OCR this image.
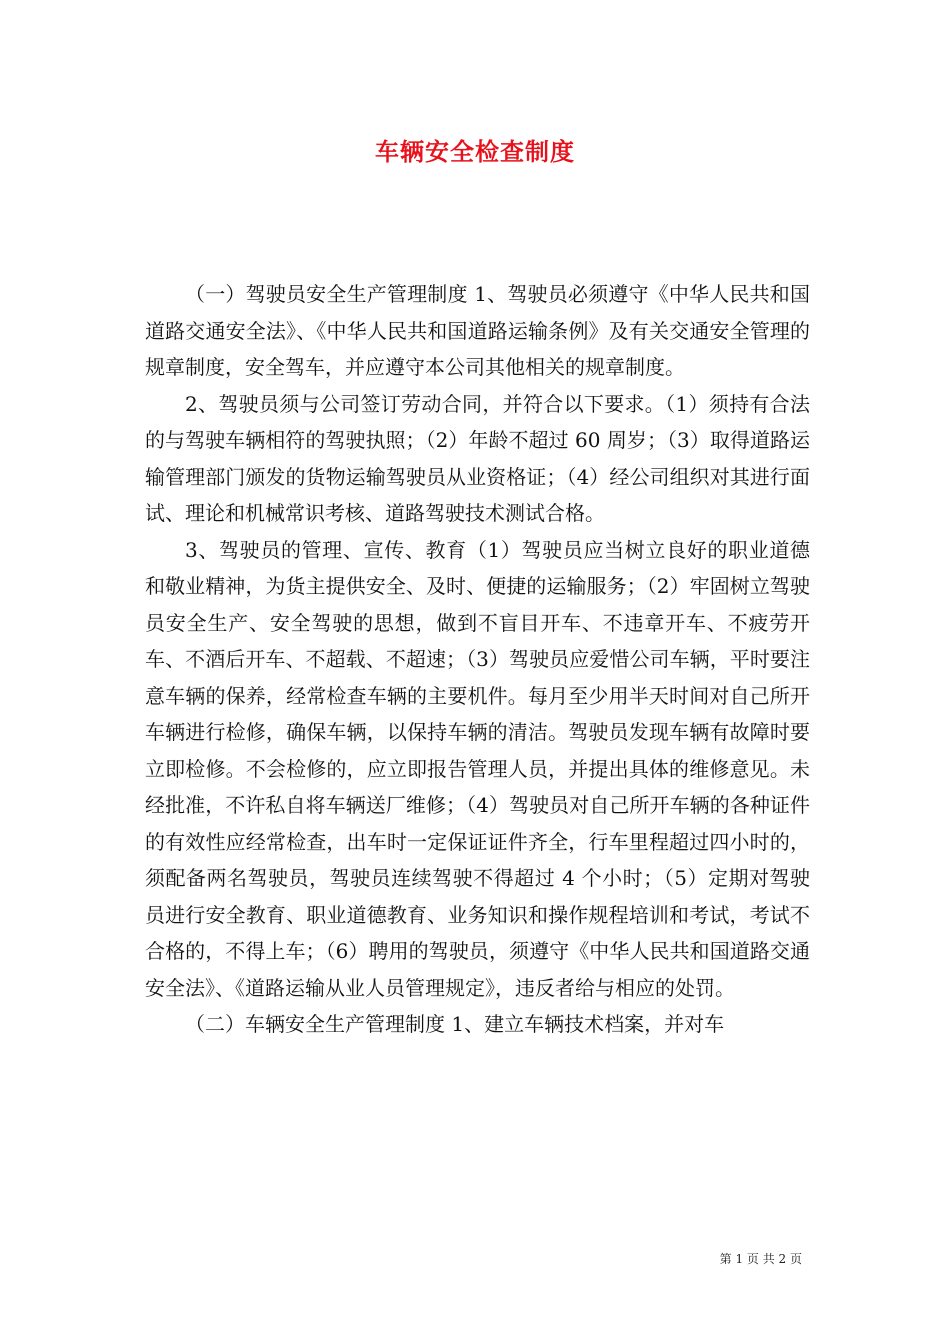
车辆安全检查制度

（一）驾驶员安全生产管理制度 1、驾驶员必须遵守《中华人民共和国道路交通安全法》、《中华人民共和国道路运输条例》及有关交通安全管理的规章制度，安全驾车，并应遵守本公司其他相关的规章制度。

2、驾驶员须与公司签订劳动合同，并符合以下要求。（1）须持有合法的与驾驶车辆相符的驾驶执照；（2）年龄不超过 60 周岁；（3）取得道路运输管理部门颁发的货物运输驾驶员从业资格证；（4）经公司组织对其进行面试、理论和机械常识考核、道路驾驶技术测试合格。

3、驾驶员的管理、宣传、教育（1）驾驶员应当树立良好的职业道德和敬业精神，为货主提供安全、及时、便捷的运输服务；（2）牢固树立驾驶员安全生产、安全驾驶的思想，做到不盲目开车、不违章开车、不疲劳开车、不酒后开车、不超载、不超速；（3）驾驶员应爱惜公司车辆，平时要注意车辆的保养，经常检查车辆的主要机件。每月至少用半天时间对自己所开车辆进行检修，确保车辆，以保持车辆的清洁。驾驶员发现车辆有故障时要立即检修。不会检修的，应立即报告管理人员，并提出具体的维修意见。未经批准，不许私自将车辆送厂维修；（4）驾驶员对自己所开车辆的各种证件的有效性应经常检查，出车时一定保证证件齐全，行车里程超过四小时的，须配备两名驾驶员，驾驶员连续驾驶不得超过 4 个小时；（5）定期对驾驶员进行安全教育、职业道德教育、业务知识和操作规程培训和考试，考试不合格的，不得上车；（6）聘用的驾驶员，须遵守《中华人民共和国道路交通安全法》、《道路运输从业人员管理规定》，违反者给与相应的处罚。

（二）车辆安全生产管理制度 1、建立车辆技术档案，并对车

第 1 页 共 2 页
